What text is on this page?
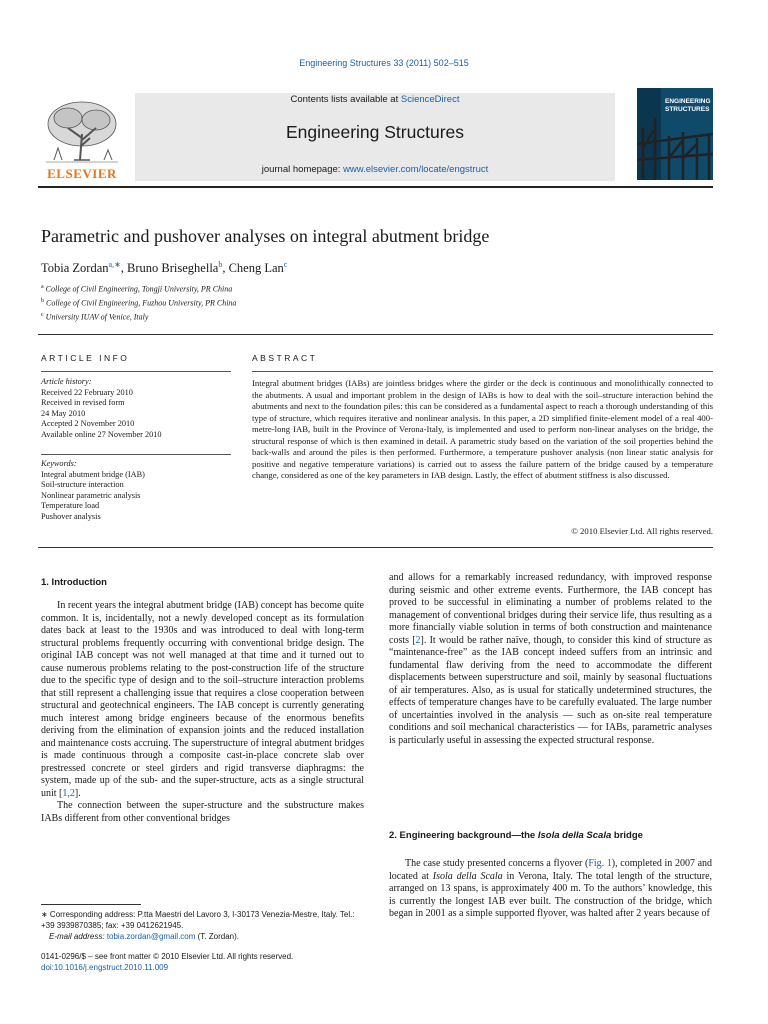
Engineering Structures 33 (2011) 502–515
ELSEVIER
Contents lists available at ScienceDirect
Engineering Structures
journal homepage: www.elsevier.com/locate/engstruct
ENGINEERING
STRUCTURES
Parametric and pushover analyses on integral abutment bridge
Tobia Zordan$^{a,∗}$, Bruno Briseghella$^b$, Cheng Lan$^c$
$^a$ College of Civil Engineering, Tongji University, PR China
$^b$ College of Civil Engineering, Fuzhou University, PR China
$^c$ University IUAV of Venice, Italy
ARTICLE INFO
Article history:
Received 22 February 2010
Received in revised form
24 May 2010
Accepted 2 November 2010
Available online 27 November 2010
Keywords:
Integral abutment bridge (IAB)
Soil-structure interaction
Nonlinear parametric analysis
Temperature load
Pushover analysis
ABSTRACT
Integral abutment bridges (IABs) are jointless bridges where the girder or the deck is continuous and monolithically connected to the abutments. A usual and important problem in the design of IABs is how to deal with the soil–structure interaction behind the abutments and next to the foundation piles: this can be considered as a fundamental aspect to reach a thorough understanding of this type of structure, which requires iterative and nonlinear analysis. In this paper, a 2D simplified finite-element model of a real 400-metre-long IAB, built in the Province of Verona-Italy, is implemented and used to perform non-linear analyses on the bridge, the structural response of which is then examined in detail. A parametric study based on the variation of the soil properties behind the back-walls and around the piles is then performed. Furthermore, a temperature pushover analysis (non linear static analysis for positive and negative temperature variations) is carried out to assess the failure pattern of the bridge caused by a temperature change, considered as one of the key parameters in IAB design. Lastly, the effect of abutment stiffness is also discussed.
© 2010 Elsevier Ltd. All rights reserved.
1. Introduction

In recent years the integral abutment bridge (IAB) concept has become quite common. It is, incidentally, not a newly developed concept as its formulation dates back at least to the 1930s and was introduced to deal with long-term structural problems frequently occurring with conventional bridge design. The original IAB concept was not well managed at that time and it turned out to cause numerous problems relating to the post-construction life of the structure due to the specific type of design and to the soil–structure interaction problems that still represent a challenging issue that requires a close cooperation between structural and geotechnical engineers. The IAB concept is currently generating much interest among bridge engineers because of the enormous benefits deriving from the elimination of expansion joints and the reduced installation and maintenance costs accruing. The superstructure of integral abutment bridges is made continuous through a composite cast-in-place concrete slab over prestressed concrete or steel girders and rigid transverse diaphragms: the system, made up of the sub- and the super-structure, acts as a single structural unit [1,2].

The connection between the super-structure and the substructure makes IABs different from other conventional bridges

and allows for a remarkably increased redundancy, with improved response during seismic and other extreme events. Furthermore, the IAB concept has proved to be successful in eliminating a number of problems related to the management of conventional bridges during their service life, thus resulting as a more financially viable solution in terms of both construction and maintenance costs [2]. It would be rather naïve, though, to consider this kind of structure as “maintenance-free” as the IAB concept indeed suffers from an intrinsic and fundamental flaw deriving from the need to accommodate the different displacements between superstructure and soil, mainly by seasonal fluctuations of air temperatures. Also, as is usual for statically undetermined structures, the effects of temperature changes have to be carefully evaluated. The large number of uncertainties involved in the analysis — such as on-site real temperature conditions and soil mechanical characteristics — for IABs, parametric analyses is particularly useful in assessing the expected structural response.

2. Engineering background—the Isola della Scala bridge

The case study presented concerns a flyover (Fig. 1), completed in 2007 and located at Isola della Scala in Verona, Italy. The total length of the structure, arranged on 13 spans, is approximately 400 m. To the authors’ knowledge, this is currently the longest IAB ever built. The construction of the bridge, which began in 2001 as a simple supported flyover, was halted after 2 years because of

∗ Corresponding address: P.tta Maestri del Lavoro 3, I-30173 Venezia-Mestre, Italy. Tel.: +39 3939870385; fax: +39 0412621945.
E-mail address: tobia.zordan@gmail.com (T. Zordan).
0141-0296/$ – see front matter © 2010 Elsevier Ltd. All rights reserved.
doi:10.1016/j.engstruct.2010.11.009
